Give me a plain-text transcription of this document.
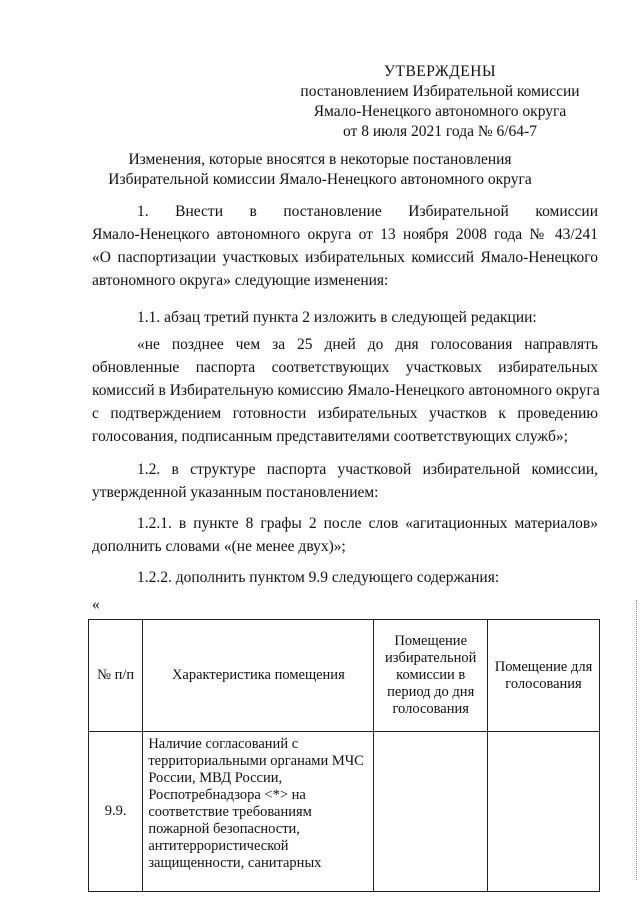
УТВЕРЖДЕНЫ
постановлением Избирательной комиссии
Ямало-Ненецкого автономного округа
от 8 июля 2021 года № 6/64-7
Изменения, которые вносятся в некоторые постановления
Избирательной комиссии Ямало-Ненецкого автономного округа
1. Внести в постановление Избирательной комиссии
Ямало-Ненецкого автономного округа от 13 ноября 2008 года № 43/241
«О паспортизации участковых избирательных комиссий Ямало-Ненецкого
автономного округа» следующие изменения:
1.1. абзац третий пункта 2 изложить в следующей редакции:
«не позднее чем за 25 дней до дня голосования направлять
обновленные паспорта соответствующих участковых избирательных
комиссий в Избирательную комиссию Ямало-Ненецкого автономного округа
с подтверждением готовности избирательных участков к проведению
голосования, подписанным представителями соответствующих служб»;
1.2. в структуре паспорта участковой избирательной комиссии,
утвержденной указанным постановлением:
1.2.1. в пункте 8 графы 2 после слов «агитационных материалов»
дополнить словами «(не менее двух)»;
1.2.2. дополнить пунктом 9.9 следующего содержания:
«
№ п/п	Характеристика помещения	Помещение избирательной комиссии в период до дня голосования	Помещение для голосования
9.9.	Наличие согласований с территориальными органами МЧС России, МВД России, Роспотребнадзора <*> на соответствие требованиям пожарной безопасности, антитеррористической защищенности, санитарных		
